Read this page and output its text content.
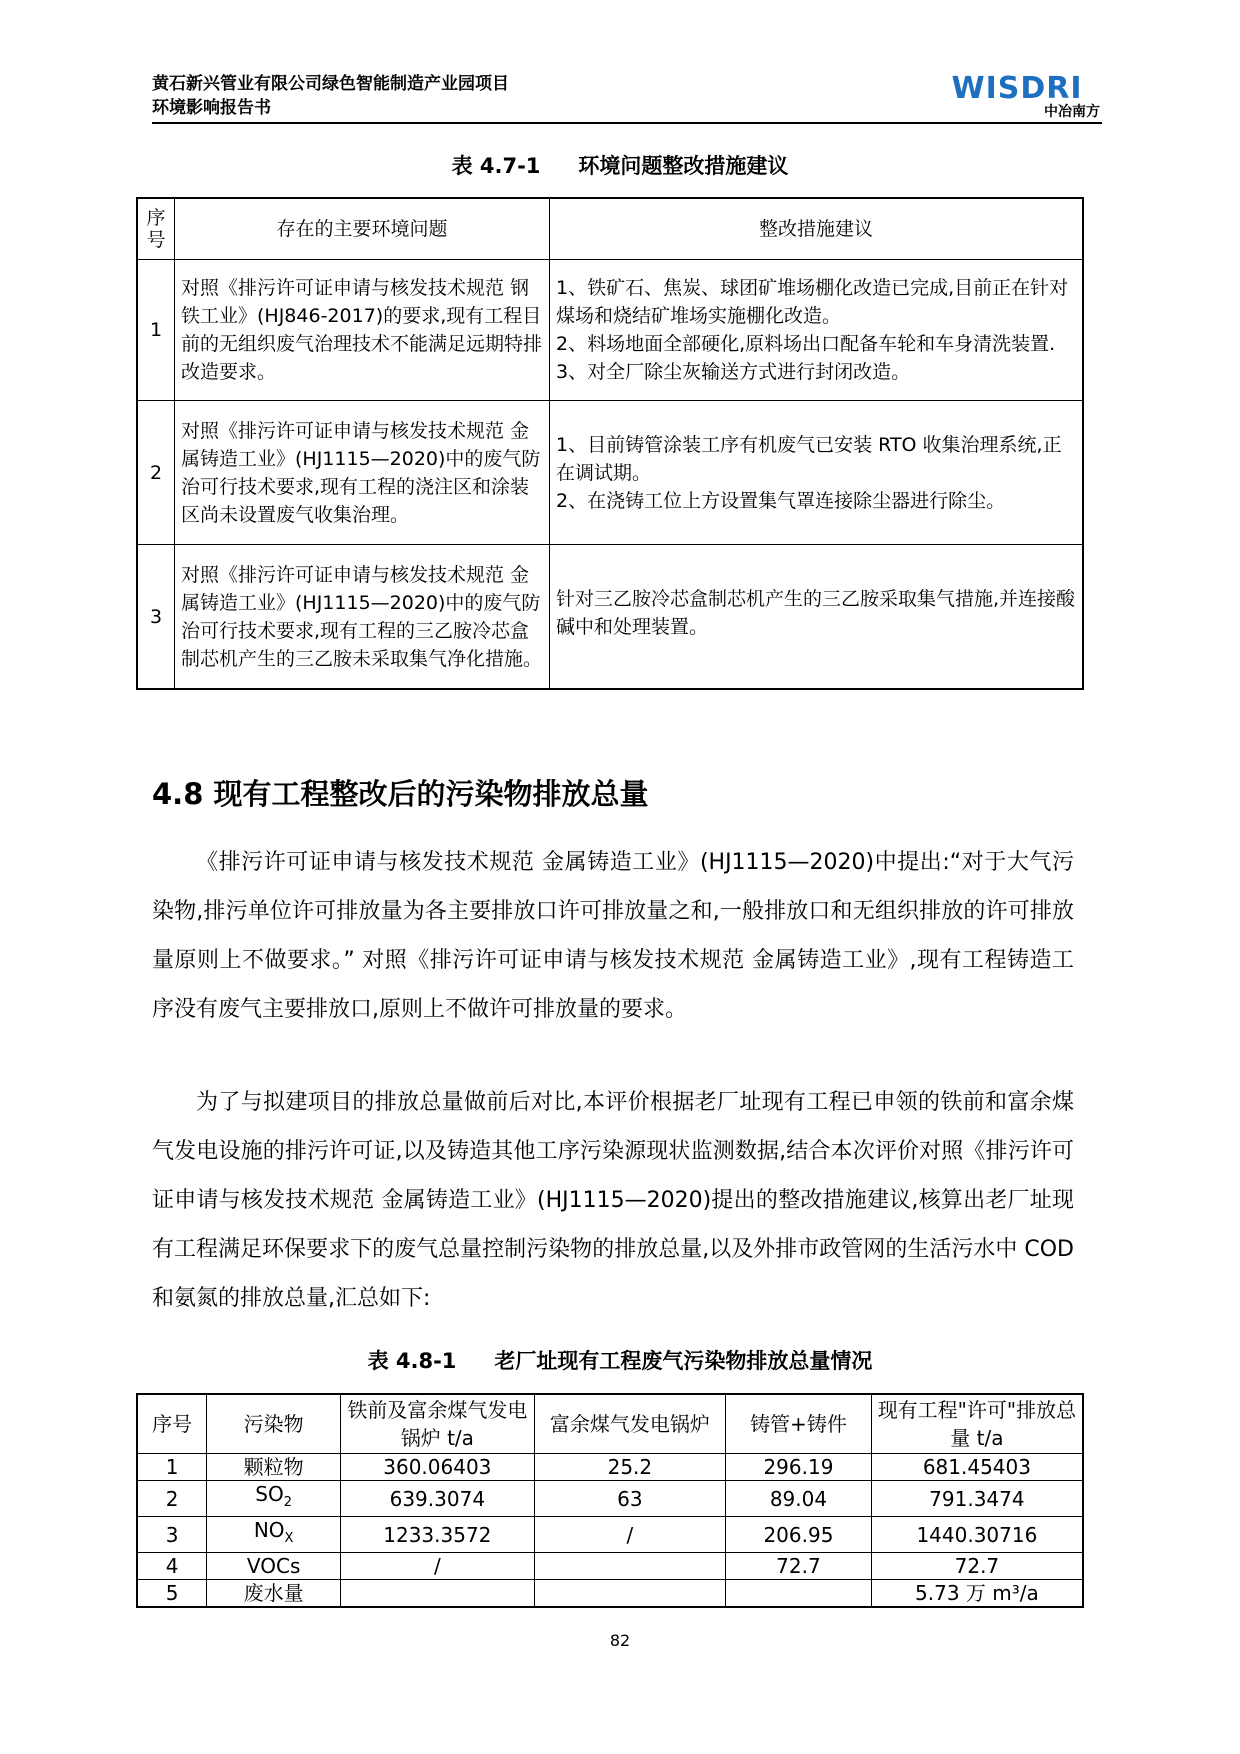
黄石新兴管业有限公司绿色智能制造产业园项目
环境影响报告书
WISDRI
中冶南方
表 4.7-1 环境问题整改措施建议
序号	存在的主要环境问题	整改措施建议
1	对照《排污许可证申请与核发技术规范 钢铁工业》(HJ846-2017)的要求,现有工程目前的无组织废气治理技术不能满足远期特排改造要求。	1、铁矿石、焦炭、球团矿堆场棚化改造已完成,目前正在针对煤场和烧结矿堆场实施棚化改造。
2、料场地面全部硬化,原料场出口配备车轮和车身清洗装置.
3、对全厂除尘灰输送方式进行封闭改造。

2	对照《排污许可证申请与核发技术规范 金属铸造工业》(HJ1115—2020)中的废气防治可行技术要求,现有工程的浇注区和涂装区尚未设置废气收集治理。	1、目前铸管涂装工序有机废气已安装 RTO 收集治理系统,正在调试期。
2、在浇铸工位上方设置集气罩连接除尘器进行除尘。

3	对照《排污许可证申请与核发技术规范 金属铸造工业》(HJ1115—2020)中的废气防治可行技术要求,现有工程的三乙胺冷芯盒制芯机产生的三乙胺未采取集气净化措施。	针对三乙胺冷芯盒制芯机产生的三乙胺采取集气措施,并连接酸碱中和处理装置。
4.8 现有工程整改后的污染物排放总量

《排污许可证申请与核发技术规范 金属铸造工业》(HJ1115—2020)中提出:“对于大气污染物,排污单位许可排放量为各主要排放口许可排放量之和,一般排放口和无组织排放的许可排放量原则上不做要求。” 对照《排污许可证申请与核发技术规范 金属铸造工业》,现有工程铸造工序没有废气主要排放口,原则上不做许可排放量的要求。

为了与拟建项目的排放总量做前后对比,本评价根据老厂址现有工程已申领的铁前和富余煤气发电设施的排污许可证,以及铸造其他工序污染源现状监测数据,结合本次评价对照《排污许可证申请与核发技术规范 金属铸造工业》(HJ1115—2020)提出的整改措施建议,核算出老厂址现有工程满足环保要求下的废气总量控制污染物的排放总量,以及外排市政管网的生活污水中 COD 和氨氮的排放总量,汇总如下:

表 4.8-1 老厂址现有工程废气污染物排放总量情况
序号	污染物	铁前及富余煤气发电锅炉 t/a	富余煤气发电锅炉	铸管+铸件	现有工程"许可"排放总量 t/a
1	颗粒物	360.06403	25.2	296.19	681.45403
2	$SO_2$	639.3074	63	89.04	791.3474
3	$NO_X$	1233.3572	/	206.95	1440.30716
4	VOCs	/		72.7	72.7
5	废水量				5.73 万 m³/a
82
